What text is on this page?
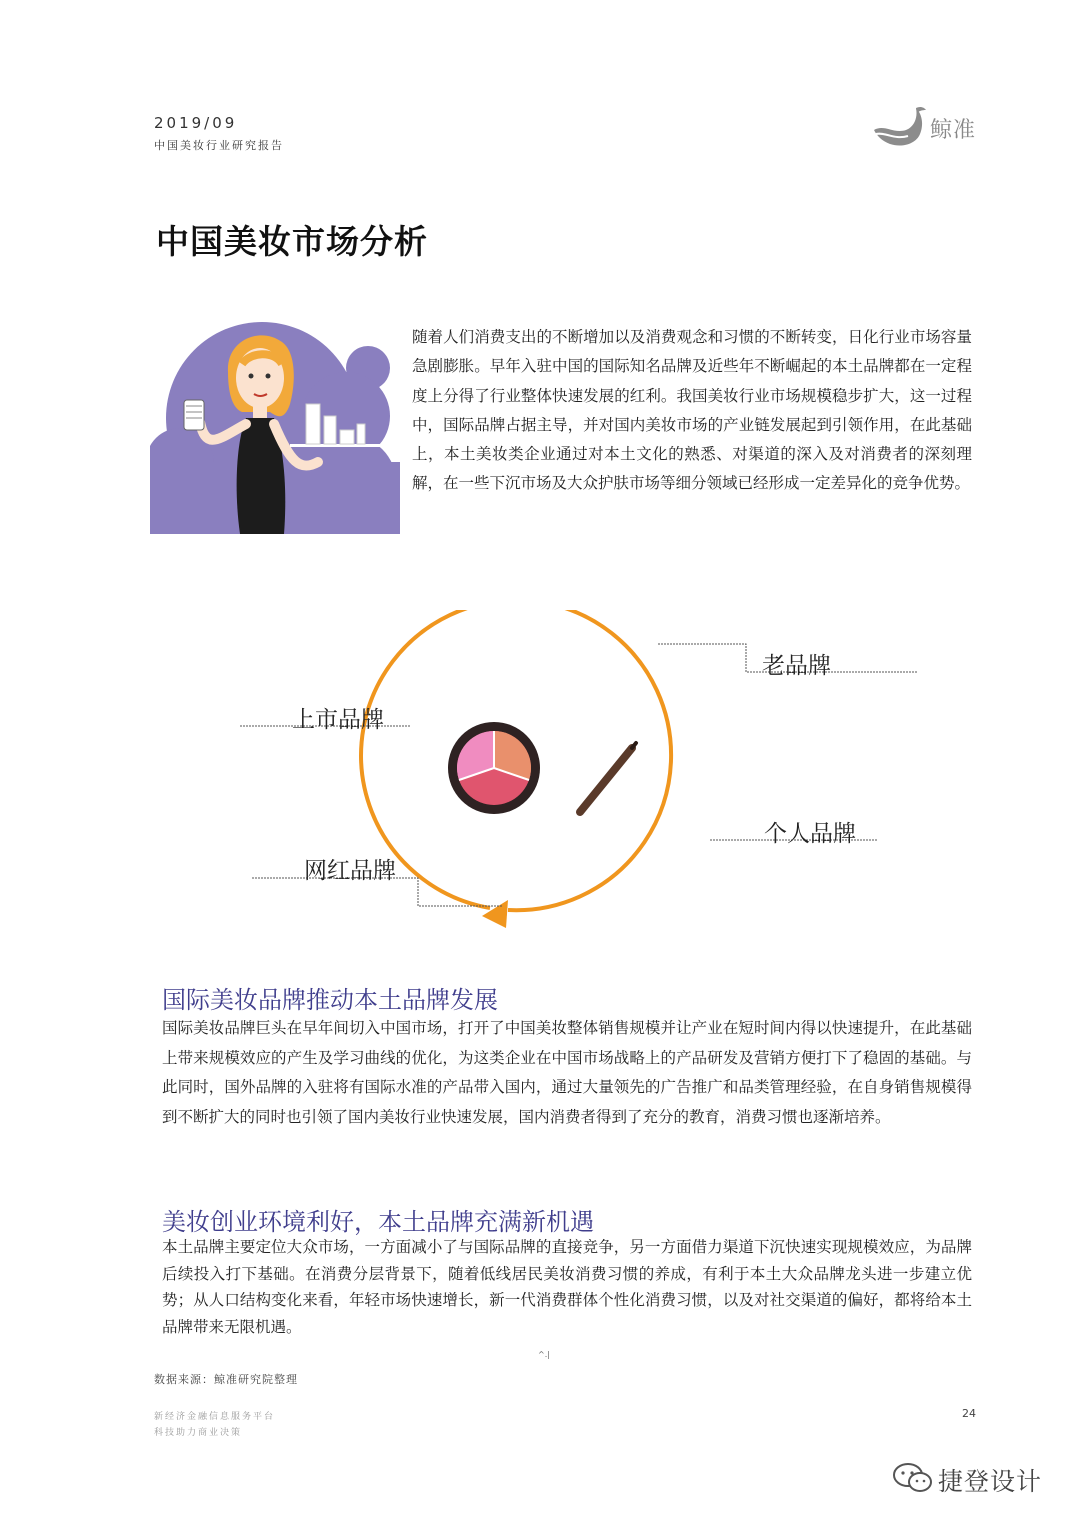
2019/09
中国美妆行业研究报告
鲸准
中国美妆市场分析

随着人们消费支出的不断增加以及消费观念和习惯的不断转变，日化行业市场容量急剧膨胀。早年入驻中国的国际知名品牌及近些年不断崛起的本土品牌都在一定程度上分得了行业整体快速发展的红利。我国美妆行业市场规模稳步扩大，这一过程中，国际品牌占据主导，并对国内美妆市场的产业链发展起到引领作用，在此基础上，本土美妆类企业通过对本土文化的熟悉、对渠道的深入及对消费者的深刻理解，在一些下沉市场及大众护肤市场等细分领域已经形成一定差异化的竞争优势。

老品牌
上市品牌
个人品牌
网红品牌
国际美妆品牌推动本土品牌发展

国际美妆品牌巨头在早年间切入中国市场，打开了中国美妆整体销售规模并让产业在短时间内得以快速提升，在此基础上带来规模效应的产生及学习曲线的优化，为这类企业在中国市场战略上的产品研发及营销方便打下了稳固的基础。与此同时，国外品牌的入驻将有国际水准的产品带入国内，通过大量领先的广告推广和品类管理经验，在自身销售规模得到不断扩大的同时也引领了国内美妆行业快速发展，国内消费者得到了充分的教育，消费习惯也逐渐培养。

美妆创业环境利好，本土品牌充满新机遇

本土品牌主要定位大众市场，一方面减小了与国际品牌的直接竞争，另一方面借力渠道下沉快速实现规模效应，为品牌后续投入打下基础。在消费分层背景下，随着低线居民美妆消费习惯的养成，有利于本土大众品牌龙头进一步建立优势；从人口结构变化来看，年轻市场快速增长，新一代消费群体个性化消费习惯，以及对社交渠道的偏好，都将给本土品牌带来无限机遇。

^.|
数据来源：鲸准研究院整理
新经济金融信息服务平台
科技助力商业决策
24
捷登设计
